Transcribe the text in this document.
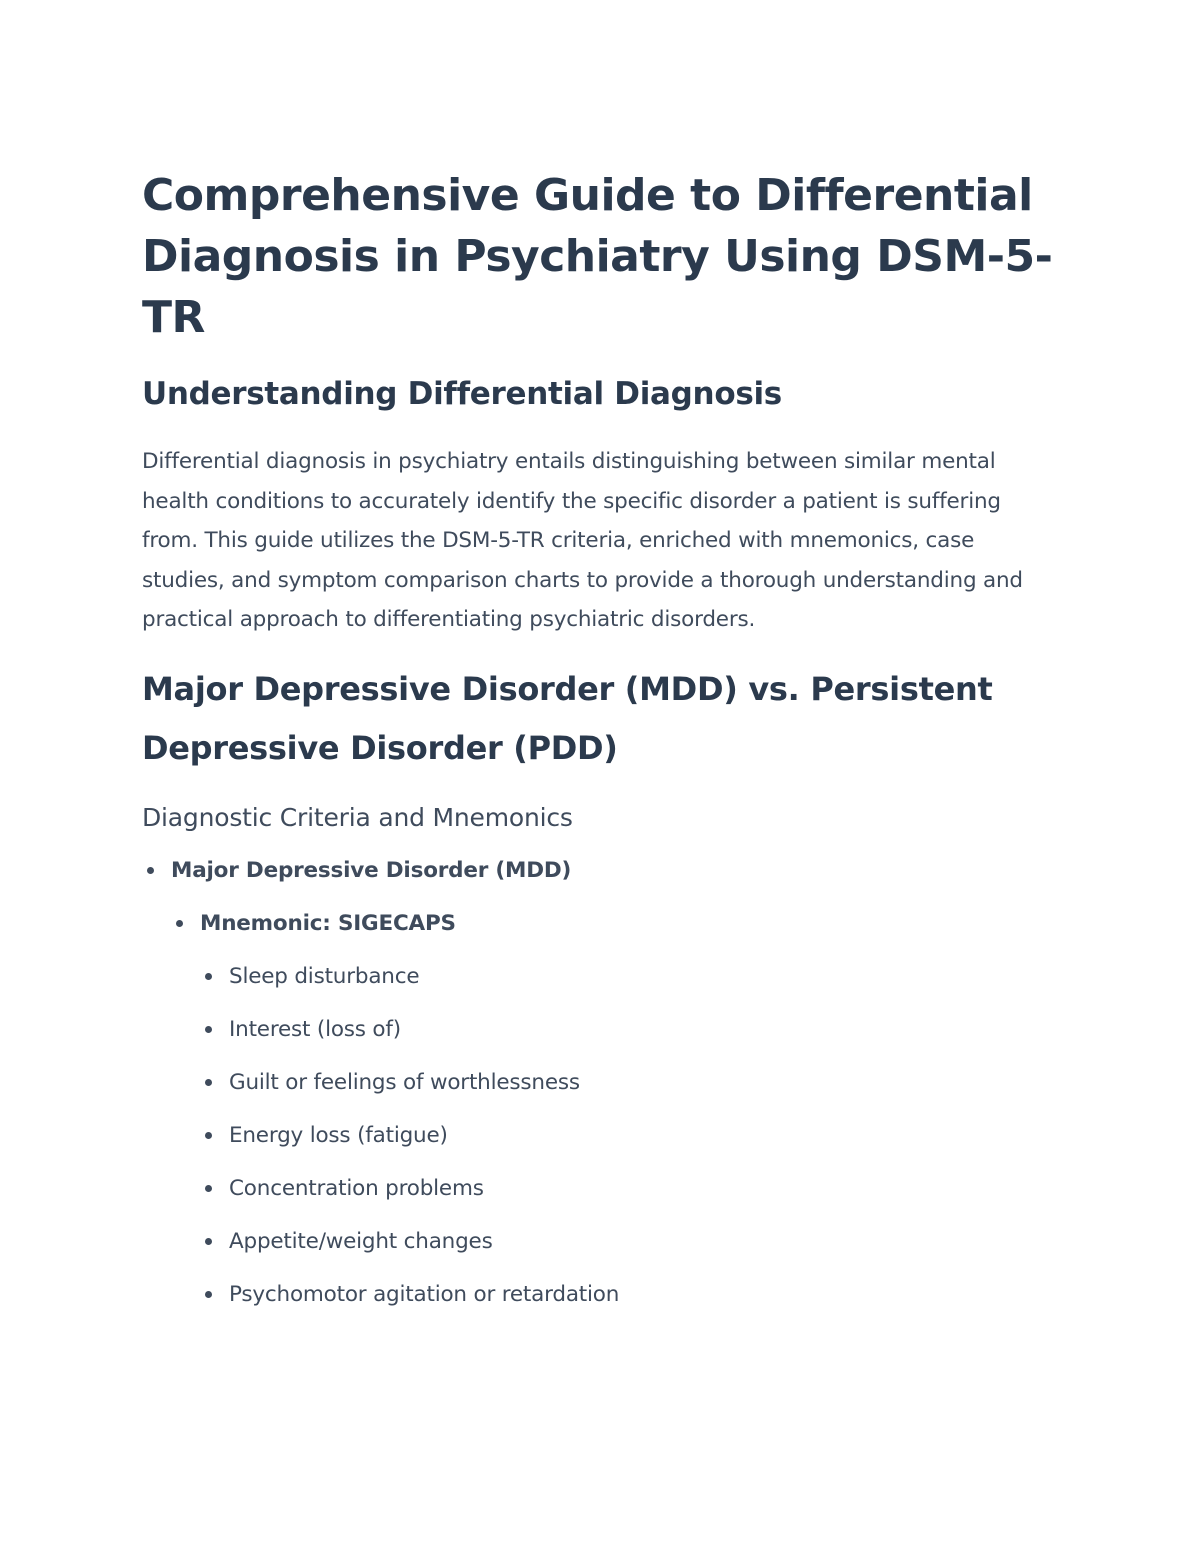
Comprehensive Guide to Differential
Diagnosis in Psychiatry Using DSM-5-
TR
Understanding Differential Diagnosis

Differential diagnosis in psychiatry entails distinguishing between similar mental health conditions to accurately identify the specific disorder a patient is suffering from. This guide utilizes the DSM-5-TR criteria, enriched with mnemonics, case studies, and symptom comparison charts to provide a thorough understanding and practical approach to differentiating psychiatric disorders.

Major Depressive Disorder (MDD) vs. Persistent
Depressive Disorder (PDD)
Diagnostic Criteria and Mnemonics
Major Depressive Disorder (MDD)
Mnemonic: SIGECAPS
Sleep disturbance
Interest (loss of)
Guilt or feelings of worthlessness
Energy loss (fatigue)
Concentration problems
Appetite/weight changes
Psychomotor agitation or retardation
